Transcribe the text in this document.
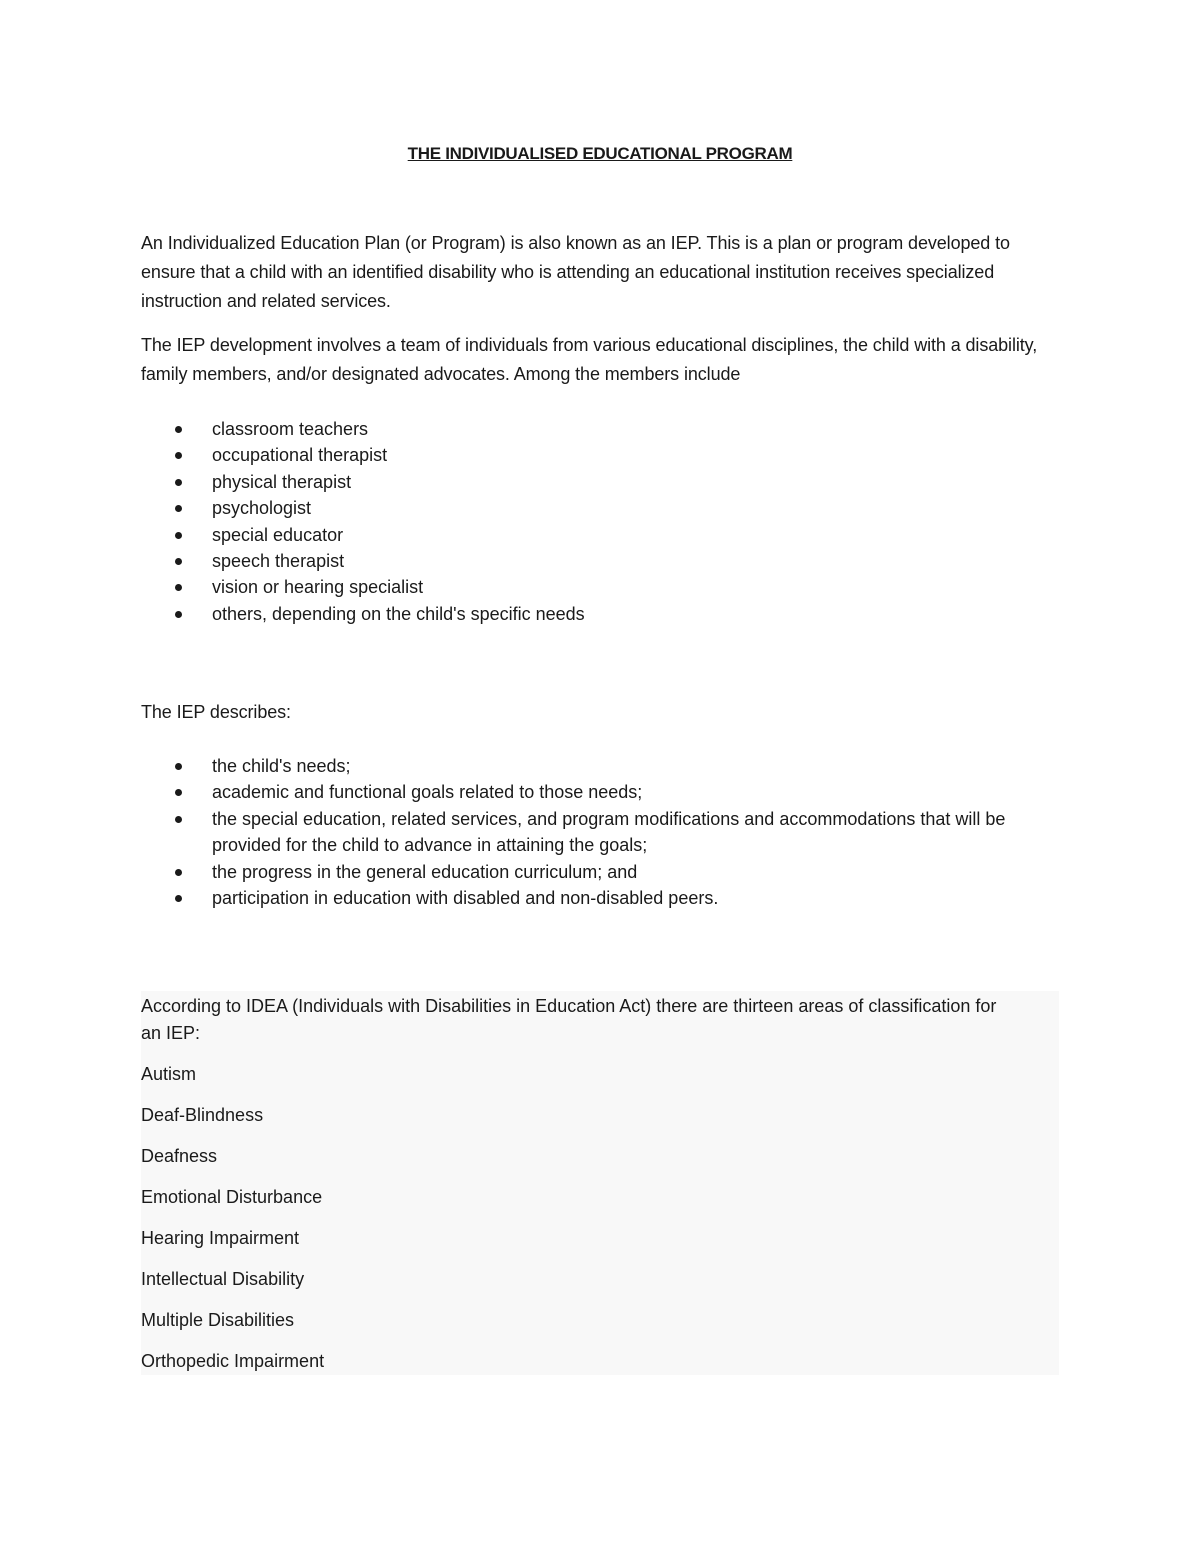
THE INDIVIDUALISED EDUCATIONAL PROGRAM

An Individualized Education Plan (or Program) is also known as an IEP. This is a plan or program developed to ensure that a child with an identified disability who is attending an educational institution receives specialized instruction and related services.

The IEP development involves a team of individuals from various educational disciplines, the child with a disability, family members, and/or designated advocates. Among the members include

classroom teachers
occupational therapist
physical therapist
psychologist
special educator
speech therapist
vision or hearing specialist
others, depending on the child's specific needs

The IEP describes:

the child's needs;
academic and functional goals related to those needs;
the special education, related services, and program modifications and accommodations that will be provided for the child to advance in attaining the goals;
the progress in the general education curriculum; and
participation in education with disabled and non-disabled peers.

According to IDEA (Individuals with Disabilities in Education Act) there are thirteen areas of classification for an IEP:

Autism
Deaf-Blindness
Deafness
Emotional Disturbance
Hearing Impairment
Intellectual Disability
Multiple Disabilities
Orthopedic Impairment
